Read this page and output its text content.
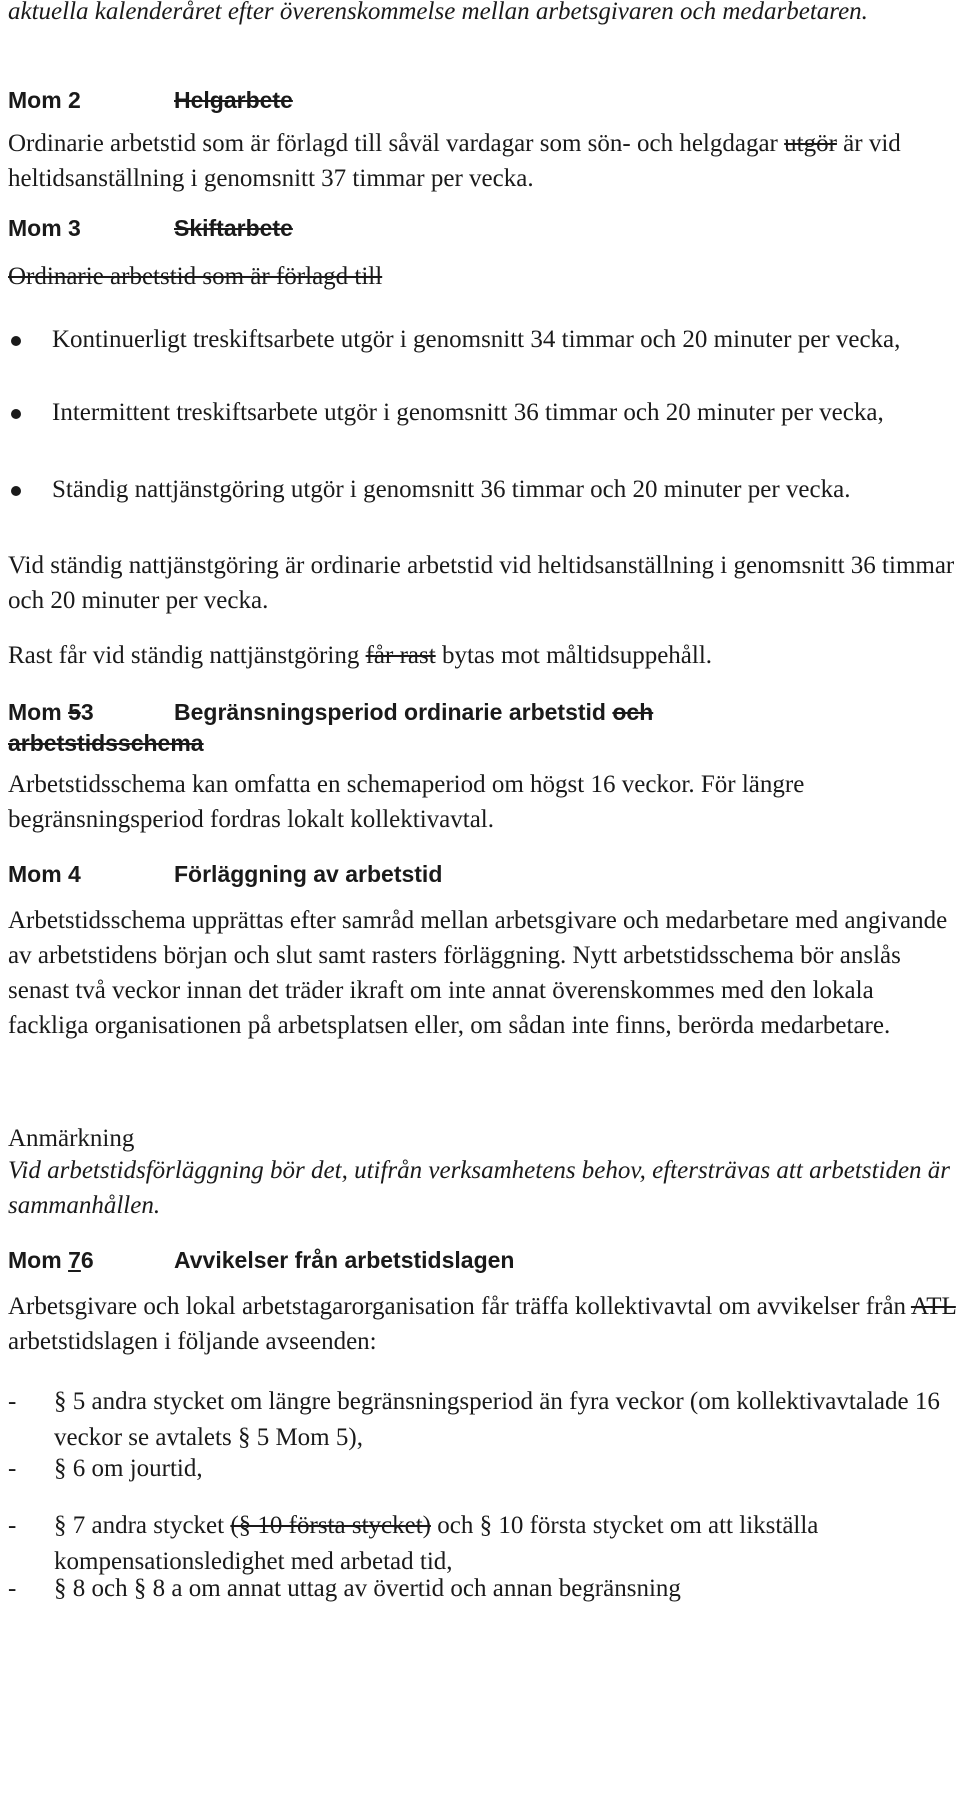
aktuella kalenderåret efter överenskommelse mellan arbetsgivaren och medarbetaren.

Mom 2	Helgarbete

Ordinarie arbetstid som är förlagd till såväl vardagar som sön- och helgdagar utgör är vid heltidsanställning i genomsnitt 37 timmar per vecka.

Mom 3	Skiftarbete

Ordinarie arbetstid som är förlagd till

Kontinuerligt treskiftsarbete utgör i genomsnitt 34 timmar och 20 minuter per vecka,
Intermittent treskiftsarbete utgör i genomsnitt 36 timmar och 20 minuter per vecka,
Ständig nattjänstgöring utgör i genomsnitt 36 timmar och 20 minuter per vecka.

Vid ständig nattjänstgöring är ordinarie arbetstid vid heltidsanställning i genomsnitt 36 timmar och 20 minuter per vecka.

Rast får vid ständig nattjänstgöring får rast bytas mot måltidsuppehåll.

Mom 53	Begränsningsperiod ordinarie arbetstid och
arbetstidsschema

Arbetstidsschema kan omfatta en schemaperiod om högst 16 veckor. För längre begränsningsperiod fordras lokalt kollektivavtal.

Mom 4	Förläggning av arbetstid

Arbetstidsschema upprättas efter samråd mellan arbetsgivare och medarbetare med angivande av arbetstidens början och slut samt rasters förläggning. Nytt arbetstidsschema bör anslås senast två veckor innan det träder ikraft om inte annat överenskommes med den lokala fackliga organisationen på arbetsplatsen eller, om sådan inte finns, berörda medarbetare.

Anmärkning

Vid arbetstidsförläggning bör det, utifrån verksamhetens behov, eftersträvas att arbetstiden är sammanhållen.

Mom 76	Avvikelser från arbetstidslagen

Arbetsgivare och lokal arbetstagarorganisation får träffa kollektivavtal om avvikelser från ATL arbetstidslagen i följande avseenden:

- § 5 andra stycket om längre begränsningsperiod än fyra veckor (om kollektivavtalade 16 veckor se avtalets § 5 Mom 5),
- § 6 om jourtid,
- § 7 andra stycket (§ 10 första stycket) och § 10 första stycket om att likställa kompensationsledighet med arbetad tid,
- § 8 och § 8 a om annat uttag av övertid och annan begränsning
